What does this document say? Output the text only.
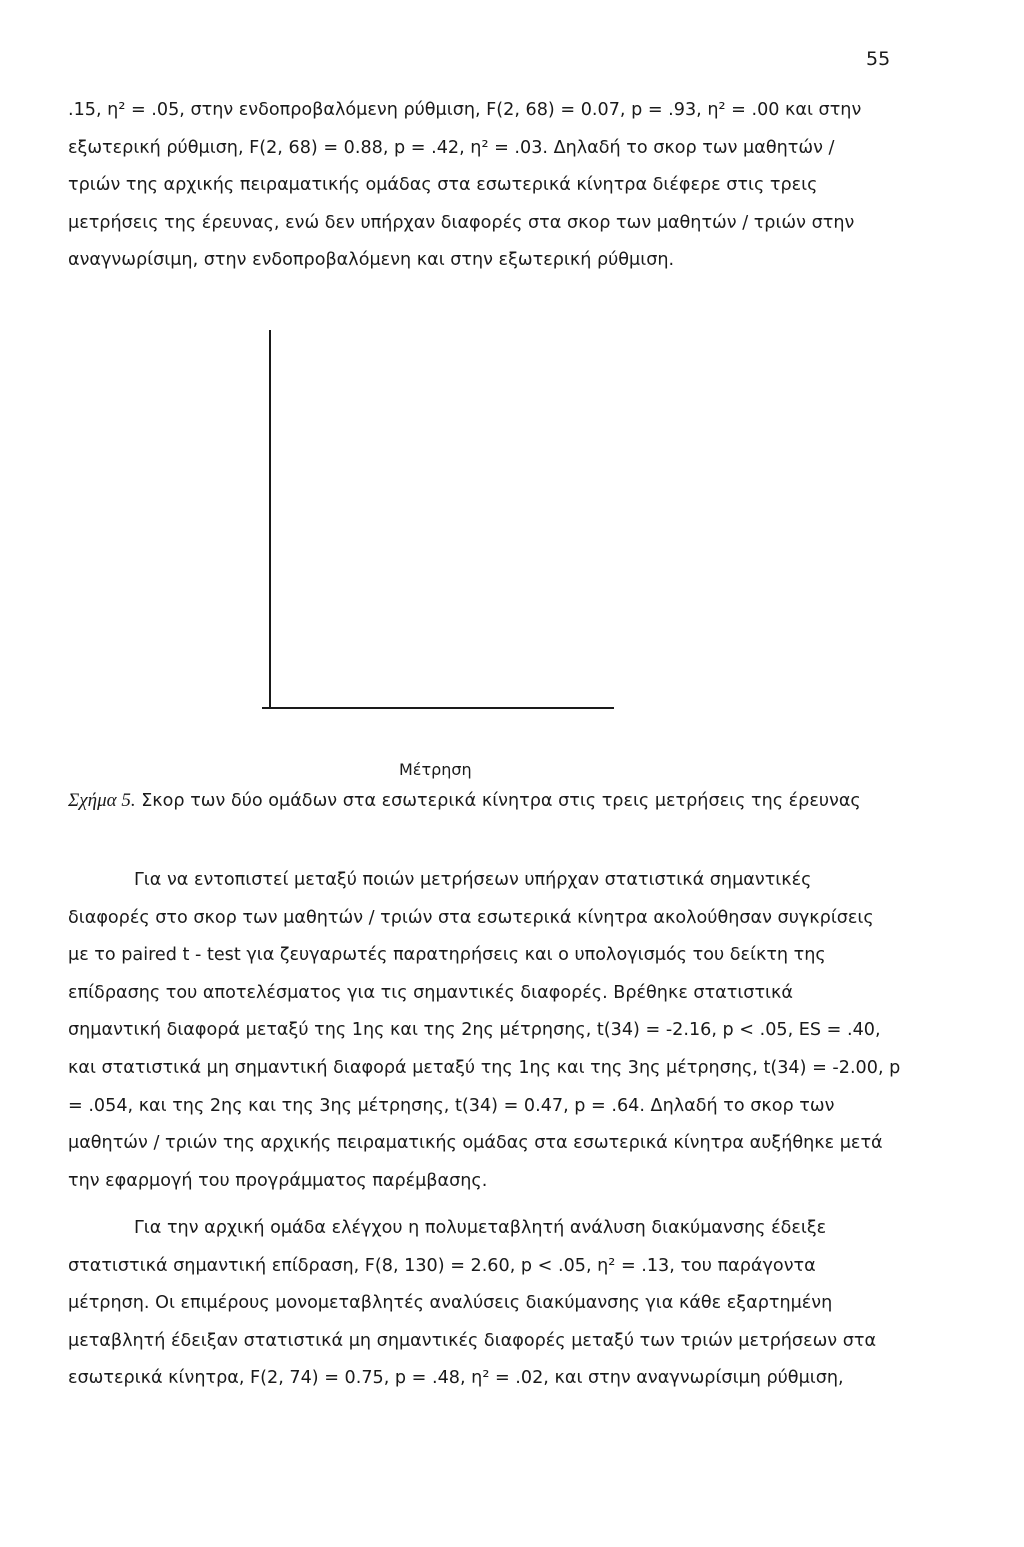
55
.15, η² = .05, στην ενδοπροβαλόμενη ρύθμιση, F(2, 68) = 0.07, p = .93, η² = .00 και στην
εξωτερική ρύθμιση, F(2, 68) = 0.88, p = .42, η² = .03. Δηλαδή το σκορ των μαθητών /
τριών της αρχικής πειραματικής ομάδας στα εσωτερικά κίνητρα διέφερε στις τρεις
μετρήσεις της έρευνας, ενώ δεν υπήρχαν διαφορές στα σκορ των μαθητών / τριών στην
αναγνωρίσιμη, στην ενδοπροβαλόμενη και στην εξωτερική ρύθμιση.
Μέτρηση
Σχήμα 5. Σκορ των δύο ομάδων στα εσωτερικά κίνητρα στις τρεις μετρήσεις της έρευνας
Για να εντοπιστεί μεταξύ ποιών μετρήσεων υπήρχαν στατιστικά σημαντικές
διαφορές στο σκορ των μαθητών / τριών στα εσωτερικά κίνητρα ακολούθησαν συγκρίσεις
με το paired t - test για ζευγαρωτές παρατηρήσεις και ο υπολογισμός του δείκτη της
επίδρασης του αποτελέσματος για τις σημαντικές διαφορές. Βρέθηκε στατιστικά
σημαντική διαφορά μεταξύ της 1ης και της 2ης μέτρησης, t(34) = -2.16, p < .05, ES = .40,
και στατιστικά μη σημαντική διαφορά μεταξύ της 1ης και της 3ης μέτρησης, t(34) = -2.00, p
= .054, και της 2ης και της 3ης μέτρησης, t(34) = 0.47, p = .64. Δηλαδή το σκορ των
μαθητών / τριών της αρχικής πειραματικής ομάδας στα εσωτερικά κίνητρα αυξήθηκε μετά
την εφαρμογή του προγράμματος παρέμβασης.
Για την αρχική ομάδα ελέγχου η πολυμεταβλητή ανάλυση διακύμανσης έδειξε
στατιστικά σημαντική επίδραση, F(8, 130) = 2.60, p < .05, η² = .13, του παράγοντα
μέτρηση. Οι επιμέρους μονομεταβλητές αναλύσεις διακύμανσης για κάθε εξαρτημένη
μεταβλητή έδειξαν στατιστικά μη σημαντικές διαφορές μεταξύ των τριών μετρήσεων στα
εσωτερικά κίνητρα, F(2, 74) = 0.75, p = .48, η² = .02, και στην αναγνωρίσιμη ρύθμιση,
